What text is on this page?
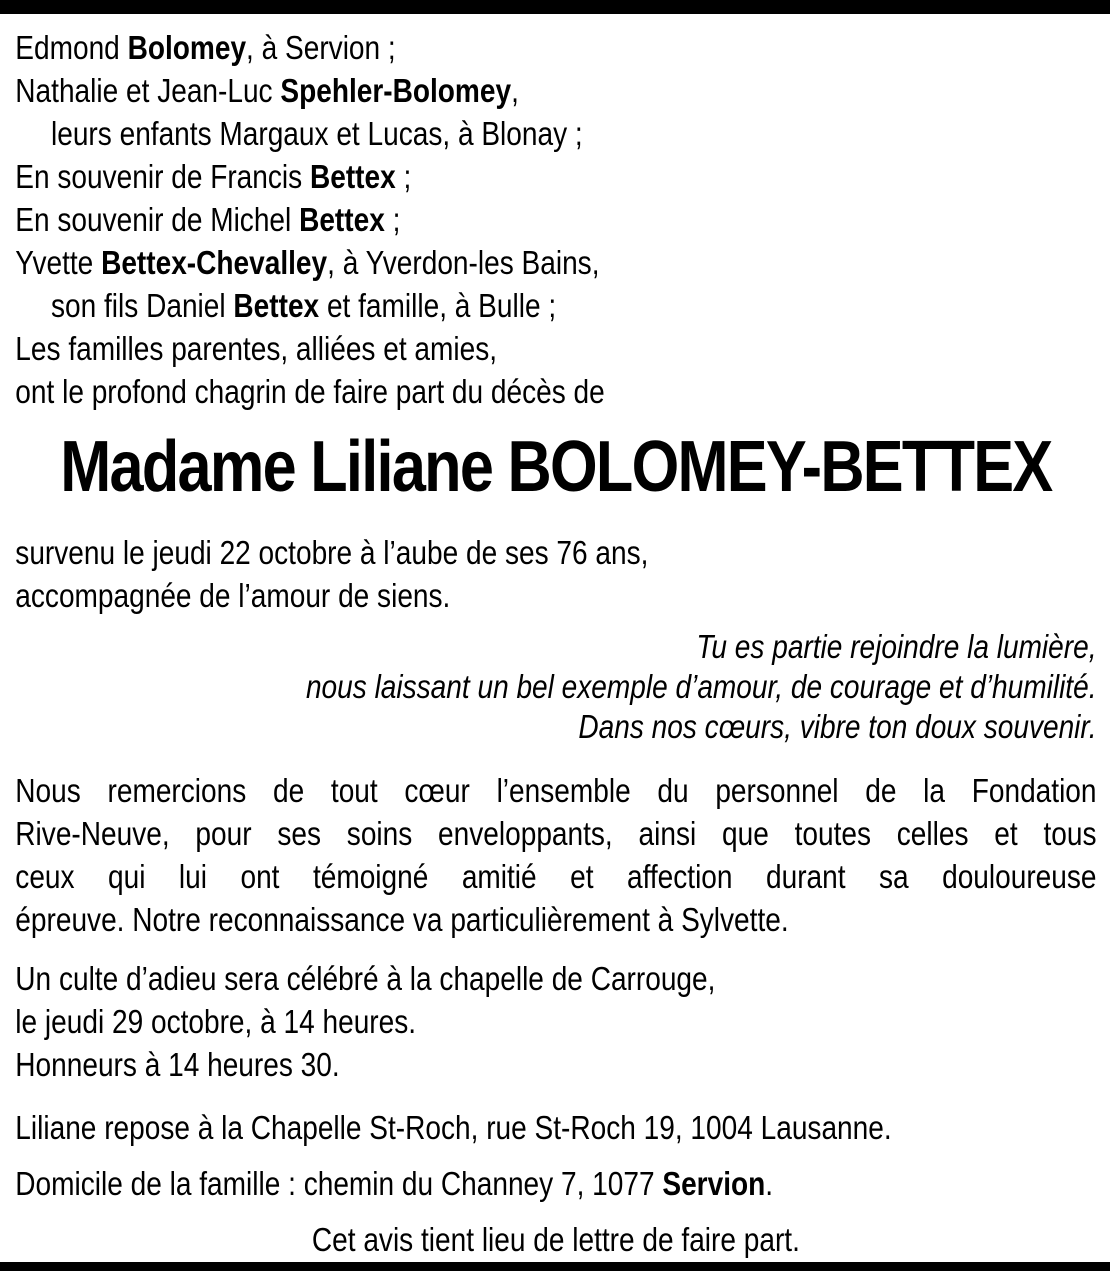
Edmond Bolomey, à Servion ;
Nathalie et Jean-Luc Spehler-Bolomey,
leurs enfants Margaux et Lucas, à Blonay ;
En souvenir de Francis Bettex ;
En souvenir de Michel Bettex ;
Yvette Bettex-Chevalley, à Yverdon-les Bains,
son fils Daniel Bettex et famille, à Bulle ;
Les familles parentes, alliées et amies,
ont le profond chagrin de faire part du décès de
Madame Liliane BOLOMEY-BETTEX
survenu le jeudi 22 octobre à l’aube de ses 76 ans,
accompagnée de l’amour de siens.
Tu es partie rejoindre la lumière,
nous laissant un bel exemple d’amour, de courage et d’humilité.
Dans nos cœurs, vibre ton doux souvenir.
Nous remercions de tout cœur l’ensemble du personnel de la Fondation
Rive-Neuve, pour ses soins enveloppants, ainsi que toutes celles et tous
ceux qui lui ont témoigné amitié et affection durant sa douloureuse
épreuve. Notre reconnaissance va particulièrement à Sylvette.
Un culte d’adieu sera célébré à la chapelle de Carrouge,
le jeudi 29 octobre, à 14 heures.
Honneurs à 14 heures 30.
Liliane repose à la Chapelle St-Roch, rue St-Roch 19, 1004 Lausanne.
Domicile de la famille : chemin du Channey 7, 1077 Servion.
Cet avis tient lieu de lettre de faire part.
